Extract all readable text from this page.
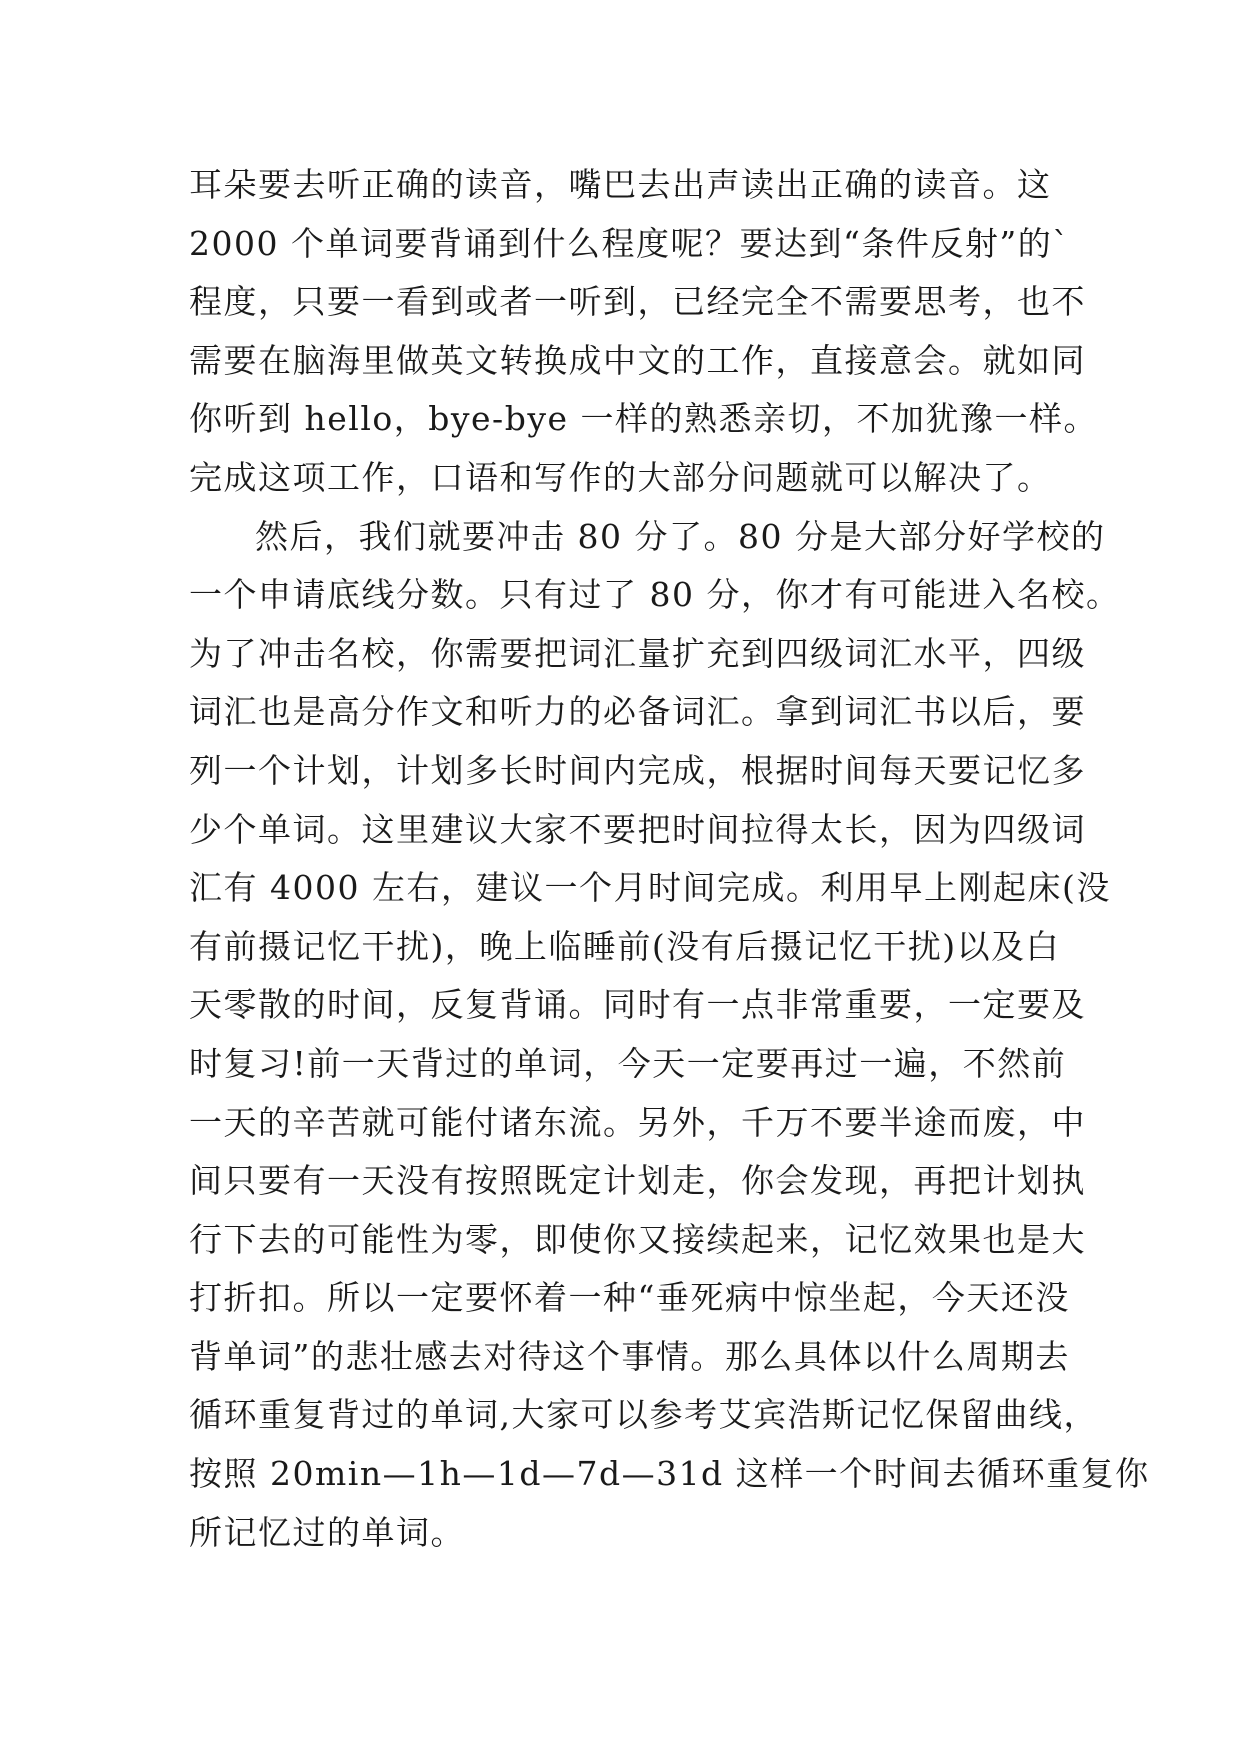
耳朵要去听正确的读音，嘴巴去出声读出正确的读音。这
2000 个单词要背诵到什么程度呢？要达到“条件反射”的`
程度，只要一看到或者一听到，已经完全不需要思考，也不
需要在脑海里做英文转换成中文的工作，直接意会。就如同
你听到 hello，bye-bye 一样的熟悉亲切，不加犹豫一样。
完成这项工作，口语和写作的大部分问题就可以解决了。
然后，我们就要冲击 80 分了。80 分是大部分好学校的
一个申请底线分数。只有过了 80 分，你才有可能进入名校。
为了冲击名校，你需要把词汇量扩充到四级词汇水平，四级
词汇也是高分作文和听力的必备词汇。拿到词汇书以后，要
列一个计划，计划多长时间内完成，根据时间每天要记忆多
少个单词。这里建议大家不要把时间拉得太长，因为四级词
汇有 4000 左右，建议一个月时间完成。利用早上刚起床(没
有前摄记忆干扰)，晚上临睡前(没有后摄记忆干扰)以及白
天零散的时间，反复背诵。同时有一点非常重要，一定要及
时复习!前一天背过的单词，今天一定要再过一遍，不然前
一天的辛苦就可能付诸东流。另外，千万不要半途而废，中
间只要有一天没有按照既定计划走，你会发现，再把计划执
行下去的可能性为零，即使你又接续起来，记忆效果也是大
打折扣。所以一定要怀着一种“垂死病中惊坐起，今天还没
背单词”的悲壮感去对待这个事情。那么具体以什么周期去
循环重复背过的单词,大家可以参考艾宾浩斯记忆保留曲线，
按照 20min—1h—1d—7d—31d 这样一个时间去循环重复你
所记忆过的单词。
